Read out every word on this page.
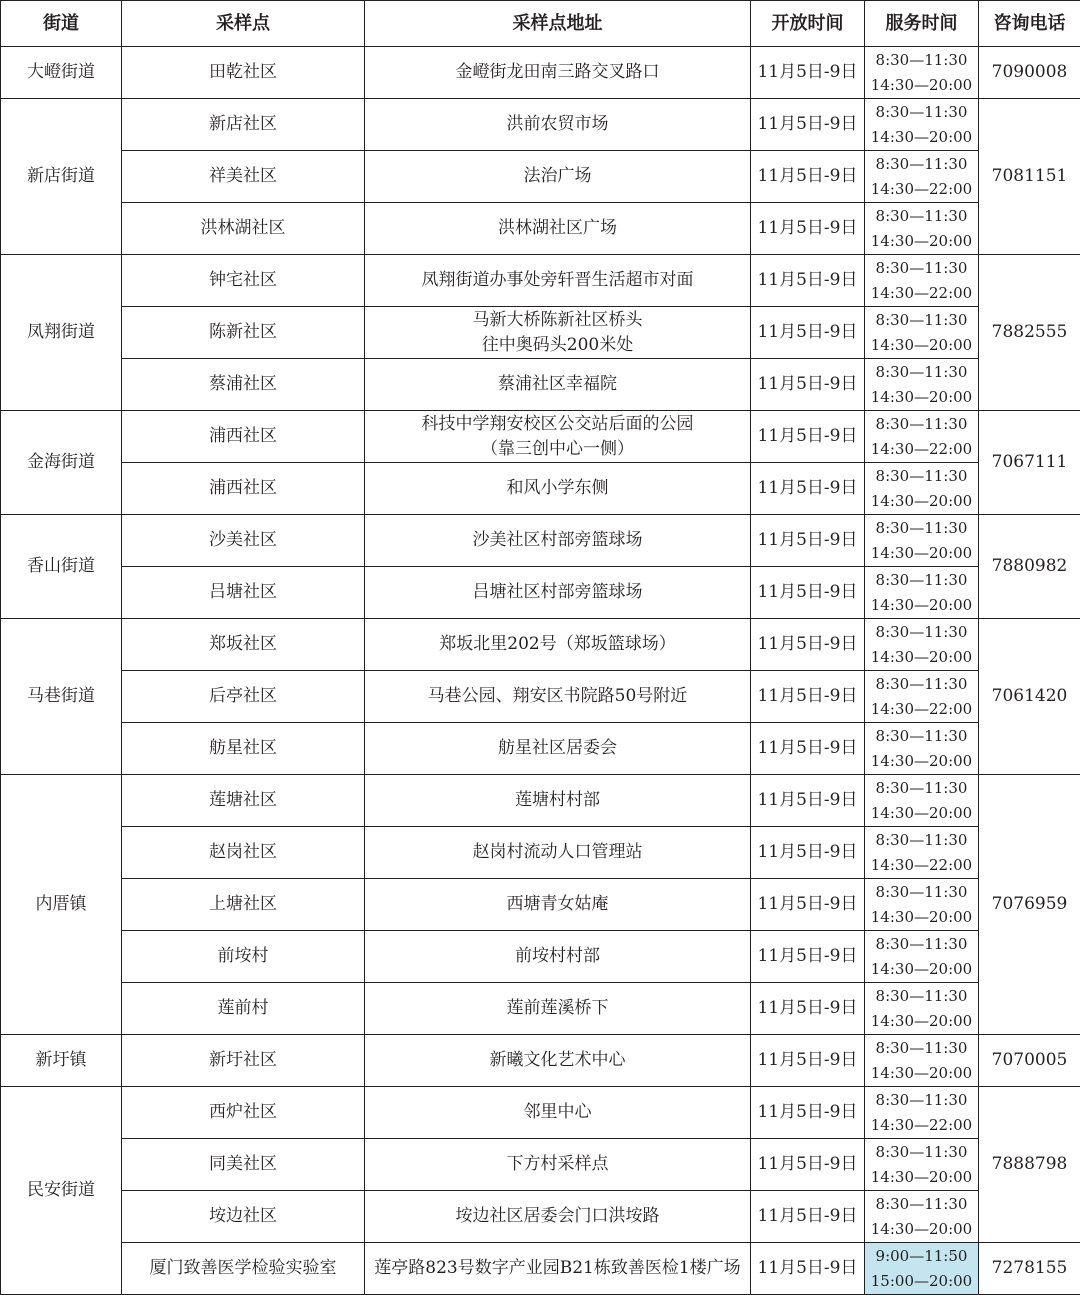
街道	采样点	采样点地址	开放时间	服务时间	咨询电话
大嶝街道	田乾社区	金嶝街龙田南三路交叉路口	11月5日-9日	8:30—11:30
14:30—20:00	7090008
新店街道	新店社区	洪前农贸市场	11月5日-9日	8:30—11:30
14:30—20:00	7081151
	祥美社区	法治广场	11月5日-9日	8:30—11:30
14:30—22:00	

	洪林湖社区	洪林湖社区广场	11月5日-9日	8:30—11:30
14:30—20:00	

凤翔街道	钟宅社区	凤翔街道办事处旁轩晋生活超市对面	11月5日-9日	8:30—11:30
14:30—22:00	7882555
	陈新社区	马新大桥陈新社区桥头
往中奥码头200米处	11月5日-9日	8:30—11:30
14:30—20:00	

	蔡浦社区	蔡浦社区幸福院	11月5日-9日	8:30—11:30
14:30—20:00	

金海街道	浦西社区	科技中学翔安校区公交站后面的公园
（靠三创中心一侧）	11月5日-9日	8:30—11:30
14:30—22:00	7067111
	浦西社区	和风小学东侧	11月5日-9日	8:30—11:30
14:30—20:00	

香山街道	沙美社区	沙美社区村部旁篮球场	11月5日-9日	8:30—11:30
14:30—20:00	7880982
	吕塘社区	吕塘社区村部旁篮球场	11月5日-9日	8:30—11:30
14:30—20:00	

马巷街道	郑坂社区	郑坂北里202号（郑坂篮球场）	11月5日-9日	8:30—11:30
14:30—20:00	7061420
	后亭社区	马巷公园、翔安区书院路50号附近	11月5日-9日	8:30—11:30
14:30—22:00	

	舫星社区	舫星社区居委会	11月5日-9日	8:30—11:30
14:30—20:00	

内厝镇	莲塘社区	莲塘村村部	11月5日-9日	8:30—11:30
14:30—20:00	7076959
	赵岗社区	赵岗村流动人口管理站	11月5日-9日	8:30—11:30
14:30—22:00	

	上塘社区	西塘青女姑庵	11月5日-9日	8:30—11:30
14:30—20:00	

	前垵村	前垵村村部	11月5日-9日	8:30—11:30
14:30—20:00	

	莲前村	莲前莲溪桥下	11月5日-9日	8:30—11:30
14:30—20:00	

新圩镇	新圩社区	新曦文化艺术中心	11月5日-9日	8:30—11:30
14:30—20:00	7070005
民安街道	西炉社区	邻里中心	11月5日-9日	8:30—11:30
14:30—22:00	7888798
	同美社区	下方村采样点	11月5日-9日	8:30—11:30
14:30—20:00	

	垵边社区	垵边社区居委会门口洪垵路	11月5日-9日	8:30—11:30
14:30—20:00	

	厦门致善医学检验实验室	莲亭路823号数字产业园B21栋致善医检1楼广场	11月5日-9日	9:00—11:50
15:00—20:00	7278155
